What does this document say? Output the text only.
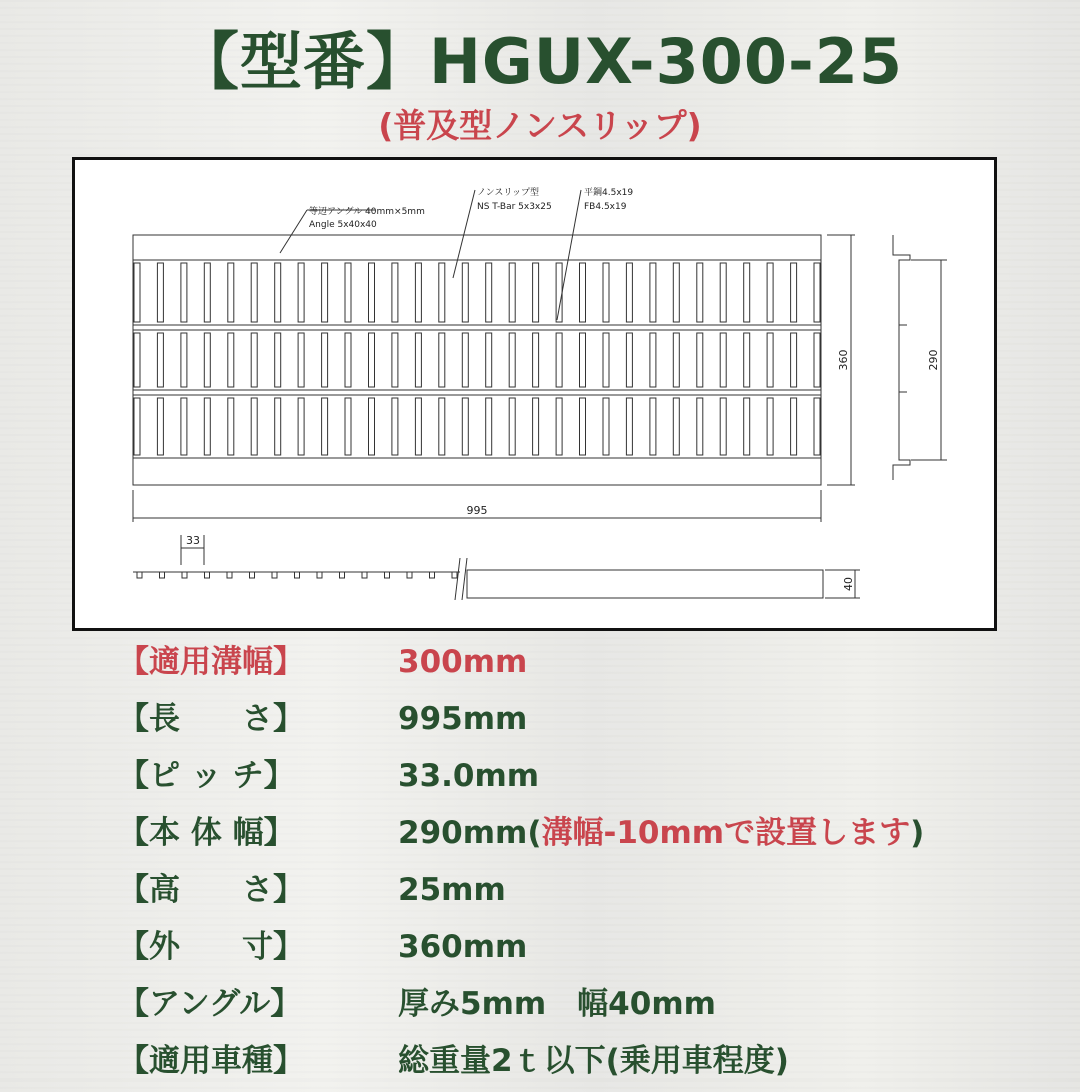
【型番】HGUX-300-25
(普及型ノンスリップ)
等辺アングル 40mm×5mm
Angle 5x40x40
ノンスリップ型
NS T-Bar 5x3x25
平鋼4.5x19
FB4.5x19
360	290
995
40
33
【適用溝幅】	300mm
【長　　さ】	995mm
【ピ ッ チ】	33.0mm
【本 体 幅】	290mm(溝幅-10mmで設置します)
【高　　さ】	25mm
【外　　寸】	360mm
【アングル】	厚み5mm　幅40mm
【適用車種】	総重量2ｔ以下(乗用車程度)
